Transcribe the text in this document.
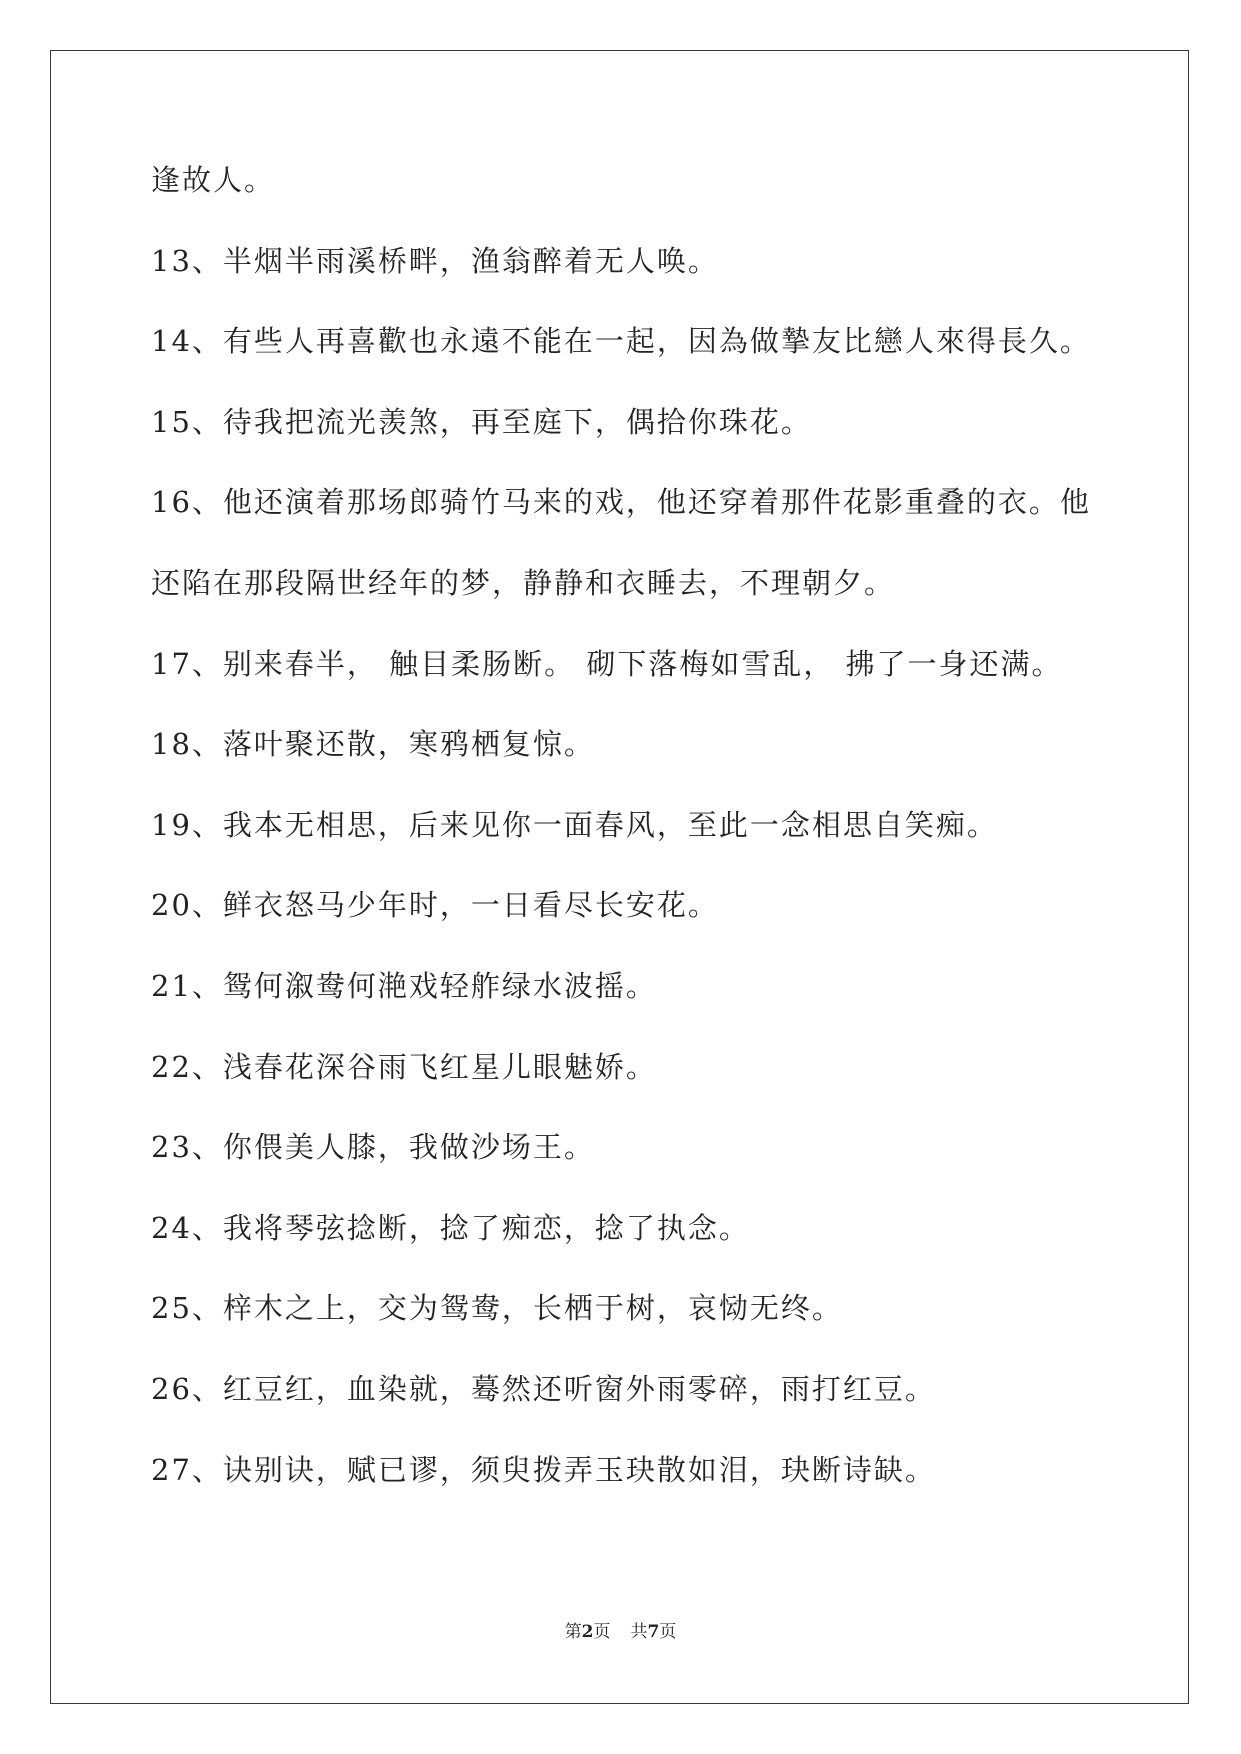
逢故人。
13、半烟半雨溪桥畔，渔翁醉着无人唤。
14、有些人再喜歡也永遠不能在一起，因為做摯友比戀人來得長久。
15、待我把流光羡煞，再至庭下，偶拾你珠花。
16、他还演着那场郎骑竹马来的戏，他还穿着那件花影重叠的衣。他
还陷在那段隔世经年的梦，静静和衣睡去，不理朝夕。
17、别来春半， 触目柔肠断。 砌下落梅如雪乱， 拂了一身还满。
18、落叶聚还散，寒鸦栖复惊。
19、我本无相思，后来见你一面春风，至此一念相思自笑痴。
20、鲜衣怒马少年时，一日看尽长安花。
21、鸳何溆鸯何滟戏轻舴绿水波摇。
22、浅春花深谷雨飞红星儿眼魅娇。
23、你偎美人膝，我做沙场王。
24、我将琴弦捻断，捻了痴恋，捻了执念。
25、梓木之上，交为鸳鸯，长栖于树，哀恸无终。
26、红豆红，血染就，蓦然还听窗外雨零碎，雨打红豆。
27、诀别诀，赋已谬，须臾拨弄玉玦散如泪，玦断诗缺。
第2页 共7页
